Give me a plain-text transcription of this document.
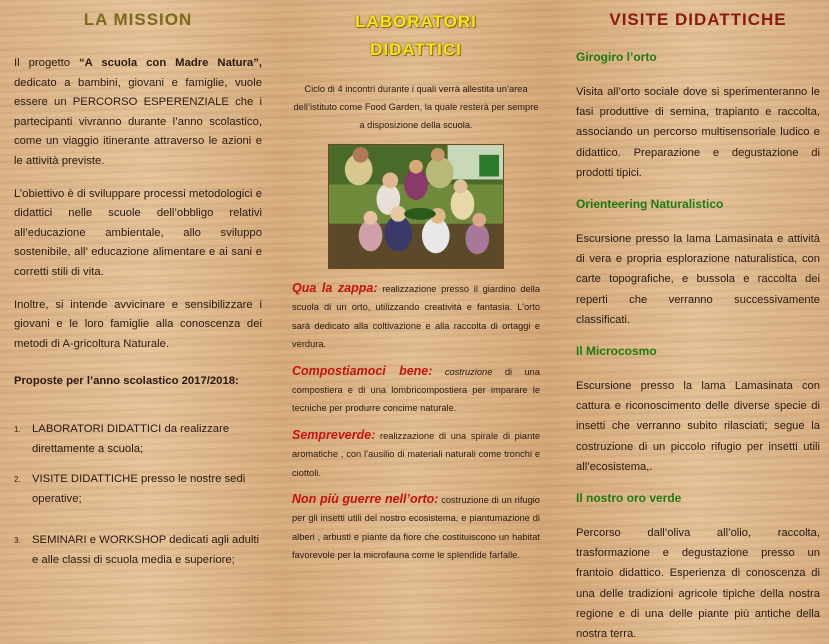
LA MISSION

Il progetto “A scuola con Madre Natura”, dedicato a bambini, giovani e famiglie, vuole essere un PERCORSO ESPERENZIALE che i partecipanti vivranno durante l’anno scolastico, come un viaggio itinerante attraverso le azioni e le attività previste.

L’obiettivo è di sviluppare processi metodologici e didattici nelle scuole dell’obbligo relativi all’educazione ambientale, allo sviluppo sostenibile, all’ educazione alimentare e ai sani e corretti stili di vita.

Inoltre, si intende avvicinare e sensibilizzare i giovani e le loro famiglie alla conoscenza dei metodi di A-gricoltura Naturale.

Proposte per l’anno scolastico 2017/2018:

1.	LABORATORI DIDATTICI da realizzare direttamente a scuola;
2.	VISITE DIDATTICHE presso le nostre sedi operative;
3.	SEMINARI e WORKSHOP dedicati agli adulti e alle classi di scuola media e superiore;
LABORATORI
DIDATTICI

Ciclo di 4 incontri durante i quali verrà allestita un’area dell’istituto come Food Garden, la quale resterà per sempre a disposizione della scuola.

Qua la zappa: realizzazione presso il giardino della scuola di un orto, utilizzando creatività e fantasia. L’orto sarà dedicato alla coltivazione e alla raccolta di ortaggi e verdura.

Compostiamoci bene: costruzione di una compostiera e di una lombricompostiera per imparare le tecniche per produrre concime naturale.

Sempreverde: realizzazione di una spirale di piante aromatiche , con l’ausilio di materiali naturali come tronchi e ciottoli.

Non più guerre nell’orto: costruzione di un rifugio per gli insetti utili del nostro ecosistema, e piantumazione di alberi , arbusti e piante da fiore che costituiscono un habitat favorevole per la microfauna come le splendide farfalle.

VISITE DIDATTICHE
Girogiro l’orto

Visita all’orto sociale dove si sperimenteranno le fasi produttive di semina, trapianto e raccolta, associando un percorso multisensoriale ludico e didattico. Preparazione e degustazione di prodotti tipici.

Orienteering Naturalistico

Escursione presso la lama Lamasinata e attività di vera e propria esplorazione naturalistica, con carte topografiche, e bussola e raccolta dei reperti che verranno successivamente classificati.

Il Microcosmo

Escursione presso la lama Lamasinata con cattura e riconoscimento delle diverse specie di insetti che verranno subito rilasciati; segue la costruzione di un piccolo rifugio per insetti utili all’ecosistema,.

Il nostro oro verde

Percorso dall’oliva all’olio, raccolta, trasformazione e degustazione presso un frantoio didattico. Esperienza di conoscenza di una delle tradizioni agricole tipiche della nostra regione e di una delle piante più antiche della nostra terra.
